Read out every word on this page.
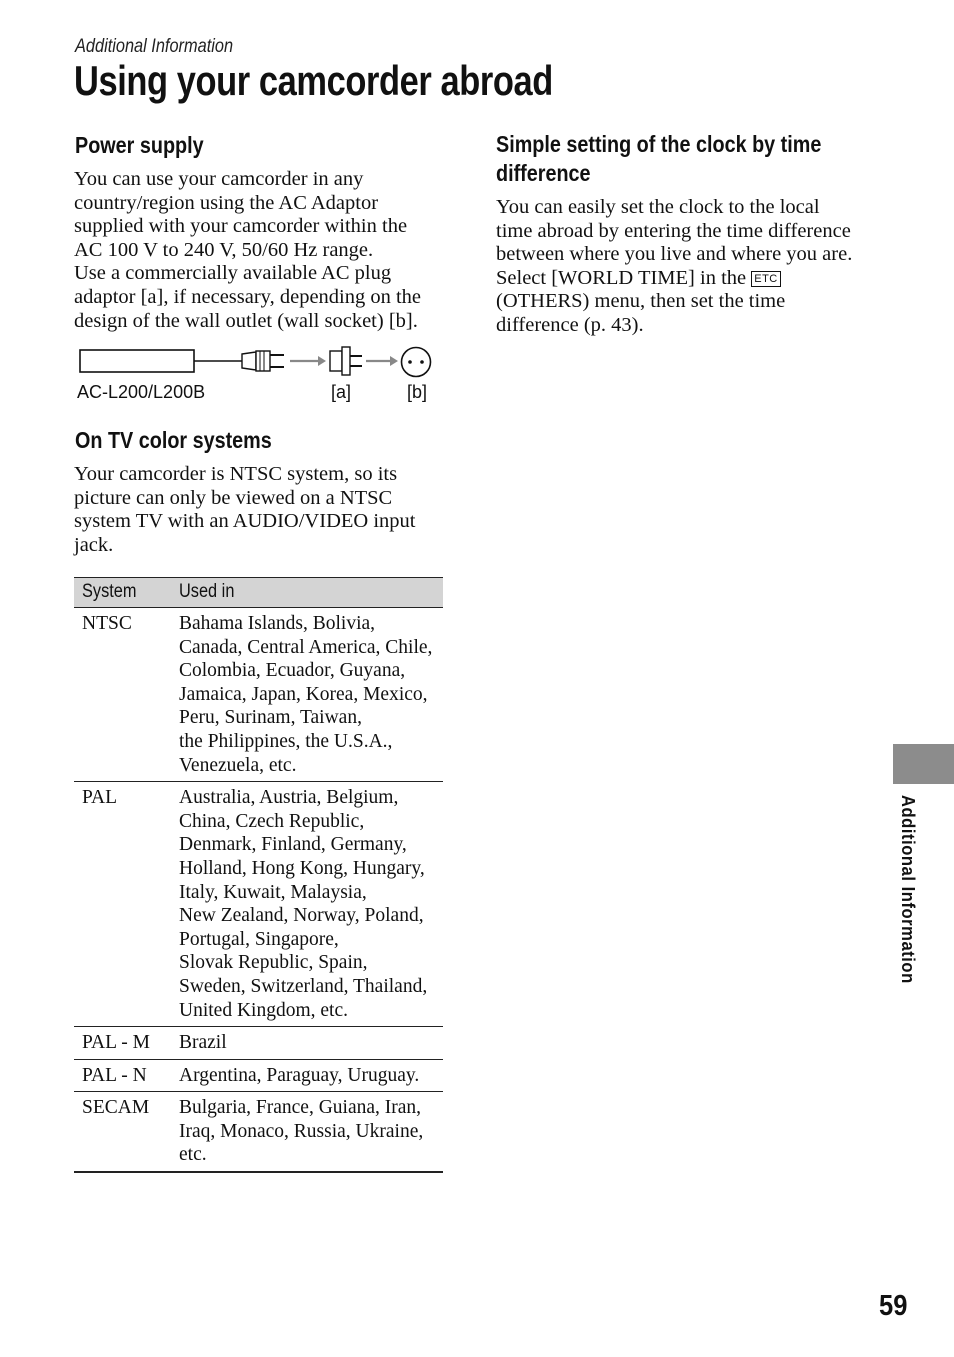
Additional Information
Using your camcorder abroad
Power supply

You can use your camcorder in any
country/region using the AC Adaptor
supplied with your camcorder within the
AC 100 V to 240 V, 50/60 Hz range.
Use a commercially available AC plug
adaptor [a], if necessary, depending on the
design of the wall outlet (wall socket) [b].

AC-L200/L200B	[a]	[b]
On TV color systems

Your camcorder is NTSC system, so its
picture can only be viewed on a NTSC
system TV with an AUDIO/VIDEO input
jack.

System Used in
NTSC Bahama Islands, Bolivia,
Canada, Central America, Chile,
Colombia, Ecuador, Guyana,
Jamaica, Japan, Korea, Mexico,
Peru, Surinam, Taiwan,
the Philippines, the U.S.A.,
Venezuela, etc.
PAL	Australia, Austria, Belgium,
China, Czech Republic,
Denmark, Finland, Germany,
Holland, Hong Kong, Hungary,
Italy, Kuwait, Malaysia,
New Zealand, Norway, Poland,
Portugal, Singapore,
Slovak Republic, Spain,
Sweden, Switzerland, Thailand,
United Kingdom, etc.
PAL - M Brazil
PAL - N Argentina, Paraguay, Uruguay.
SECAM Bulgaria, France, Guiana, Iran,
Iraq, Monaco, Russia, Ukraine,
etc.
Simple setting of the clock by time
difference

You can easily set the clock to the local
time abroad by entering the time difference
between where you live and where you are.
Select [WORLD TIME] in the ETC
(OTHERS) menu, then set the time
difference (p. 43).

Additional Information
59
